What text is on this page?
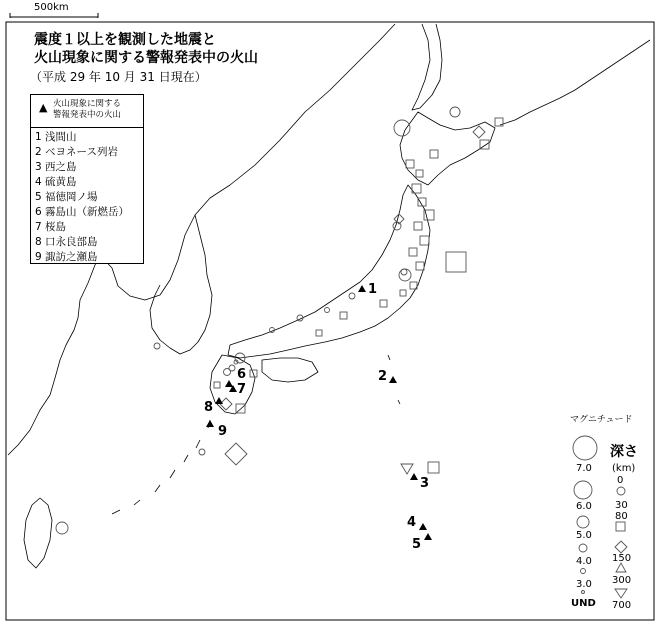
500km
震度１以上を観測した地震と
火山現象に関する警報発表中の火山
（平成 29 年 10 月 31 日現在）
▲ 火山現象に関する
警報発表中の火山
1 浅間山
2 ベヨネース列岩
3 西之島
4 硫黄島
5 福徳岡ノ場
6 霧島山（新燃岳）
7 桜島
8 口永良部島
9 諏訪之瀬島
1
2
3
4
5
6
7
8
9
マグニチュード
7.0
6.0
5.0
4.0
3.0
UND
深さ
(km)
0
30
80
150
300
700
